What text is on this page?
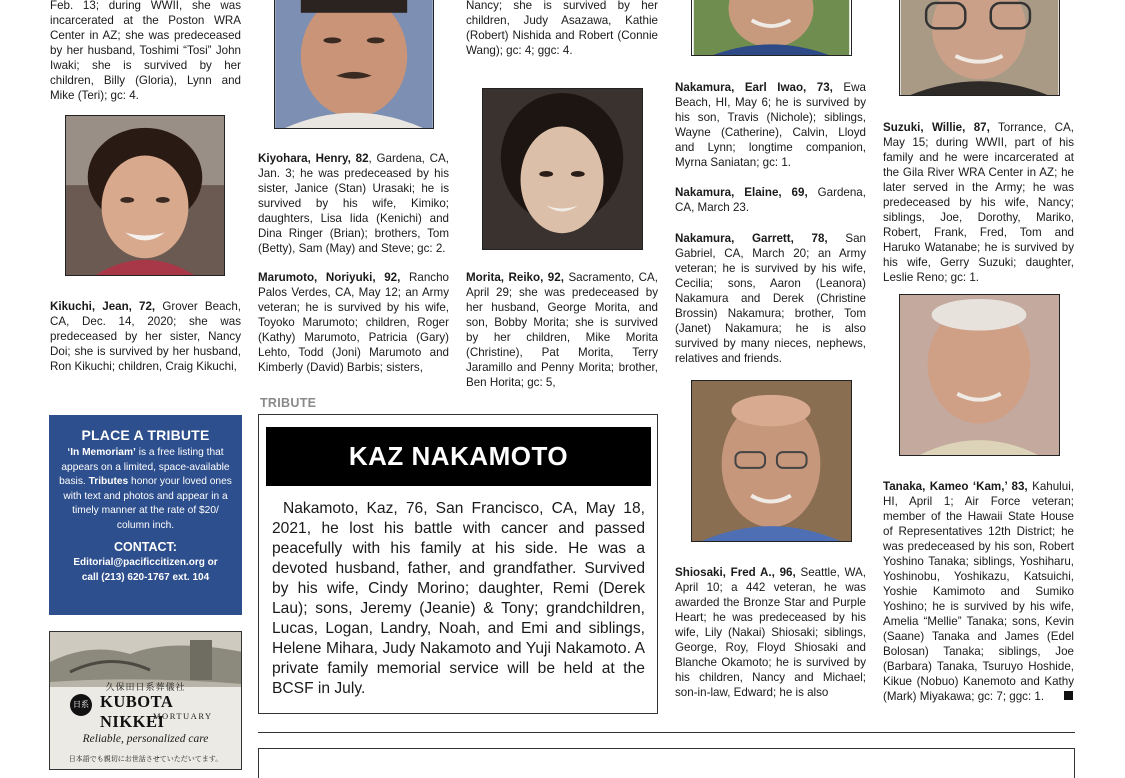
Feb. 13; during WWII, she was incarcerated at the Poston WRA Center in AZ; she was predeceased by her husband, Toshimi “Tosi” John Iwaki; she is survived by her children, Billy (Gloria), Lynn and Mike (Teri); gc: 4.
Kikuchi, Jean, 72, Grover Beach, CA, Dec. 14, 2020; she was predeceased by her sister, Nancy Doi; she is survived by her husband, Ron Kikuchi; children, Craig Kikuchi,
PLACE A TRIBUTE
‘In Memoriam’ is a free listing that appears on a limited, space-available basis. Tributes honor your loved ones with text and photos and appear in a timely manner at the rate of $20/ column inch.
CONTACT:
Editorial@pacificcitizen.org or
call (213) 620-1767 ext. 104
久保田日系葬儀社
日系 KUBOTA NIKKEI
MORTUARY
Reliable, personalized care
日本語でも親切にお世話させていただいてます。
Kiyohara, Henry, 82, Gardena, CA, Jan. 3; he was predeceased by his sister, Janice (Stan) Urasaki; he is survived by his wife, Kimiko; daughters, Lisa Iida (Kenichi) and Dina Ringer (Brian); brothers, Tom (Betty), Sam (May) and Steve; gc: 2.
Marumoto, Noriyuki, 92, Rancho Palos Verdes, CA, May 12; an Army veteran; he is survived by his wife, Toyoko Marumoto; children, Roger (Kathy) Marumoto, Patricia (Gary) Lehto, Todd (Joni) Marumoto and Kimberly (David) Barbis; sisters,
Nancy; she is survived by her children, Judy Asazawa, Kathie (Robert) Nishida and Robert (Connie Wang); gc: 4; ggc: 4.
Morita, Reiko, 92, Sacramento, CA, April 29; she was predeceased by her husband, George Morita, and son, Bobby Morita; she is survived by her children, Mike Morita (Christine), Pat Morita, Terry Jaramillo and Penny Morita; brother, Ben Horita; gc: 5,
Nakamura, Earl Iwao, 73, Ewa Beach, HI, May 6; he is survived by his son, Travis (Nichole); siblings, Wayne (Catherine), Calvin, Lloyd and Lynn; longtime companion, Myrna Saniatan; gc: 1.
Nakamura, Elaine, 69, Gardena, CA, March 23.
Nakamura, Garrett, 78, San Gabriel, CA, March 20; an Army veteran; he is survived by his wife, Cecilia; sons, Aaron (Leanora) Nakamura and Derek (Christine Brossin) Nakamura; brother, Tom (Janet) Nakamura; he is also survived by many nieces, nephews, relatives and friends.
Shiosaki, Fred A., 96, Seattle, WA, April 10; a 442 veteran, he was awarded the Bronze Star and Purple Heart; he was predeceased by his wife, Lily (Nakai) Shiosaki; siblings, George, Roy, Floyd Shiosaki and Blanche Okamoto; he is survived by his children, Nancy and Michael; son-in-law, Edward; he is also
Suzuki, Willie, 87, Torrance, CA, May 15; during WWII, part of his family and he were incarcerated at the Gila River WRA Center in AZ; he later served in the Army; he was predeceased by his wife, Nancy; siblings, Joe, Dorothy, Mariko, Robert, Frank, Fred, Tom and Haruko Watanabe; he is survived by his wife, Gerry Suzuki; daughter, Leslie Reno; gc: 1.
Tanaka, Kameo ‘Kam,’ 83, Kahului, HI, April 1; Air Force veteran; member of the Hawaii State House of Representatives 12th District; he was predeceased by his son, Robert Yoshino Tanaka; siblings, Yoshiharu, Yoshinobu, Yoshikazu, Katsuichi, Yoshie Kamimoto and Sumiko Yoshino; he is survived by his wife, Amelia “Mellie” Tanaka; sons, Kevin (Saane) Tanaka and James (Edel Bolosan) Tanaka; siblings, Joe (Barbara) Tanaka, Tsuruyo Hoshide, Kikue (Nobuo) Kanemoto and Kathy (Mark) Miyakawa; gc: 7; ggc: 1.
TRIBUTE
KAZ NAKAMOTO
Nakamoto, Kaz, 76, San Francisco, CA, May 18, 2021, he lost his battle with cancer and passed peacefully with his family at his side. He was a devoted husband, father, and grandfather. Survived by his wife, Cindy Morino; daughter, Remi (Derek Lau); sons, Jeremy (Jeanie) & Tony; grandchildren, Lucas, Logan, Landry, Noah, and Emi and siblings, Helene Mihara, Judy Nakamoto and Yuji Nakamoto. A private family memorial service will be held at the BCSF in July.
